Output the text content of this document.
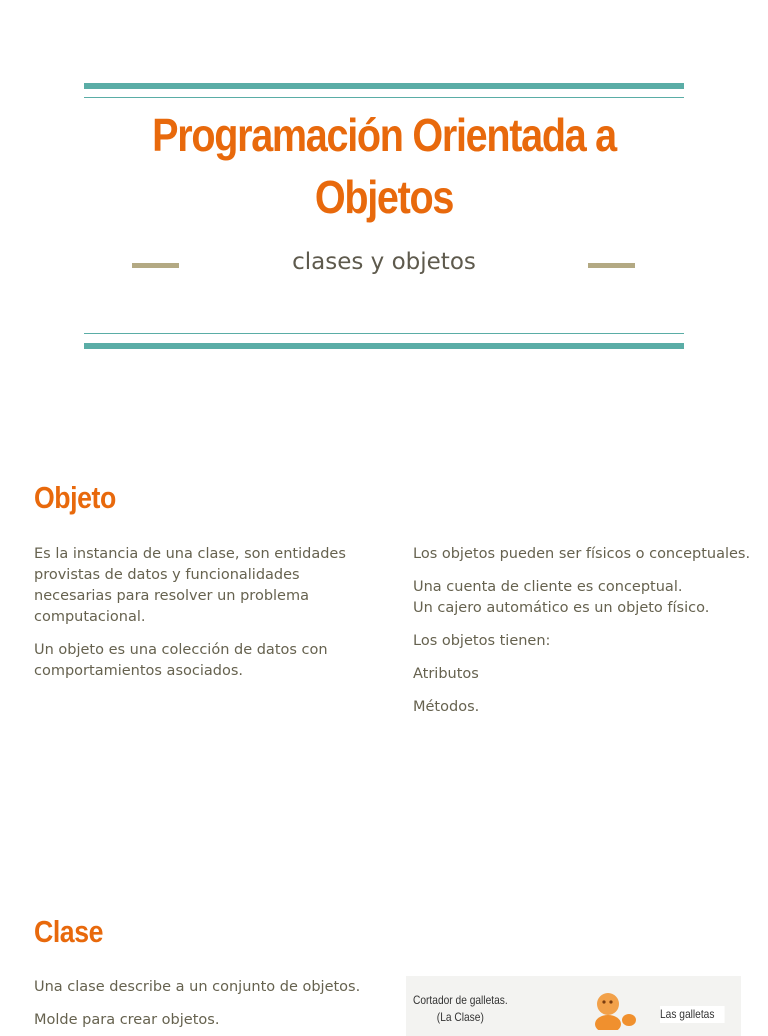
Programación Orientada a
Objetos
clases y objetos
Objeto

Es la instancia de una clase, son entidades provistas de datos y funcionalidades necesarias para resolver un problema computacional.

Un objeto es una colección de datos con comportamientos asociados.

Los objetos pueden ser físicos o conceptuales.

Una cuenta de cliente es conceptual.

Un cajero automático es un objeto físico.

Los objetos tienen:

Atributos

Métodos.

Clase

Una clase describe a un conjunto de objetos.

Molde para crear objetos.

Cortador de galletas.
(La Clase)	Las galletas
